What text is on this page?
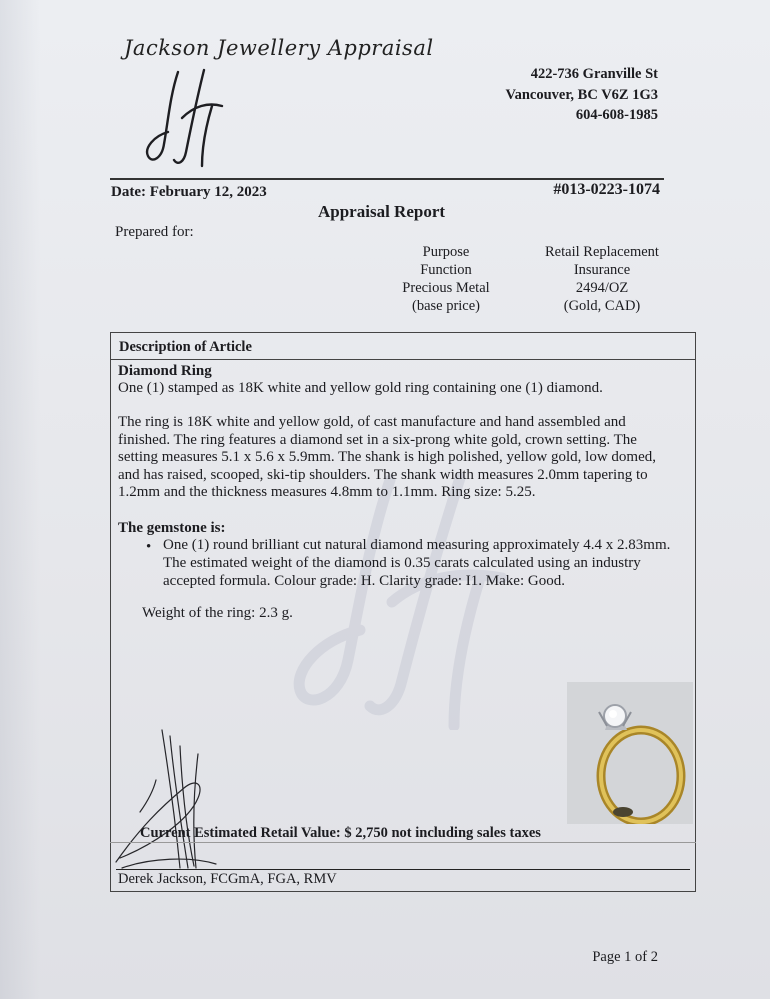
Jackson Jewellery Appraisal
422-736 Granville St
Vancouver, BC V6Z 1G3
604-608-1985
Date: February 12, 2023	#013-0223-1074
Appraisal Report
Prepared for:
Purpose	Retail Replacement
Function	Insurance
Precious Metal	2494/OZ
(base price)	(Gold, CAD)
Description of Article
Diamond Ring
One (1) stamped as 18K white and yellow gold ring containing one (1) diamond.
The ring is 18K white and yellow gold, of cast manufacture and hand assembled and finished. The ring features a diamond set in a six-prong white gold, crown setting. The setting measures 5.1 x 5.6 x 5.9mm. The shank is high polished, yellow gold, low domed, and has raised, scooped, ski-tip shoulders. The shank width measures 2.0mm tapering to 1.2mm and the thickness measures 4.8mm to 1.1mm. Ring size: 5.25.
The gemstone is:
• One (1) round brilliant cut natural diamond measuring approximately 4.4 x 2.83mm. The estimated weight of the diamond is 0.35 carats calculated using an industry accepted formula. Colour grade: H. Clarity grade: I1. Make: Good.
Weight of the ring: 2.3 g.
Current Estimated Retail Value: $ 2,750 not including sales taxes
Derek Jackson, FCGmA, FGA, RMV
Page 1 of 2
